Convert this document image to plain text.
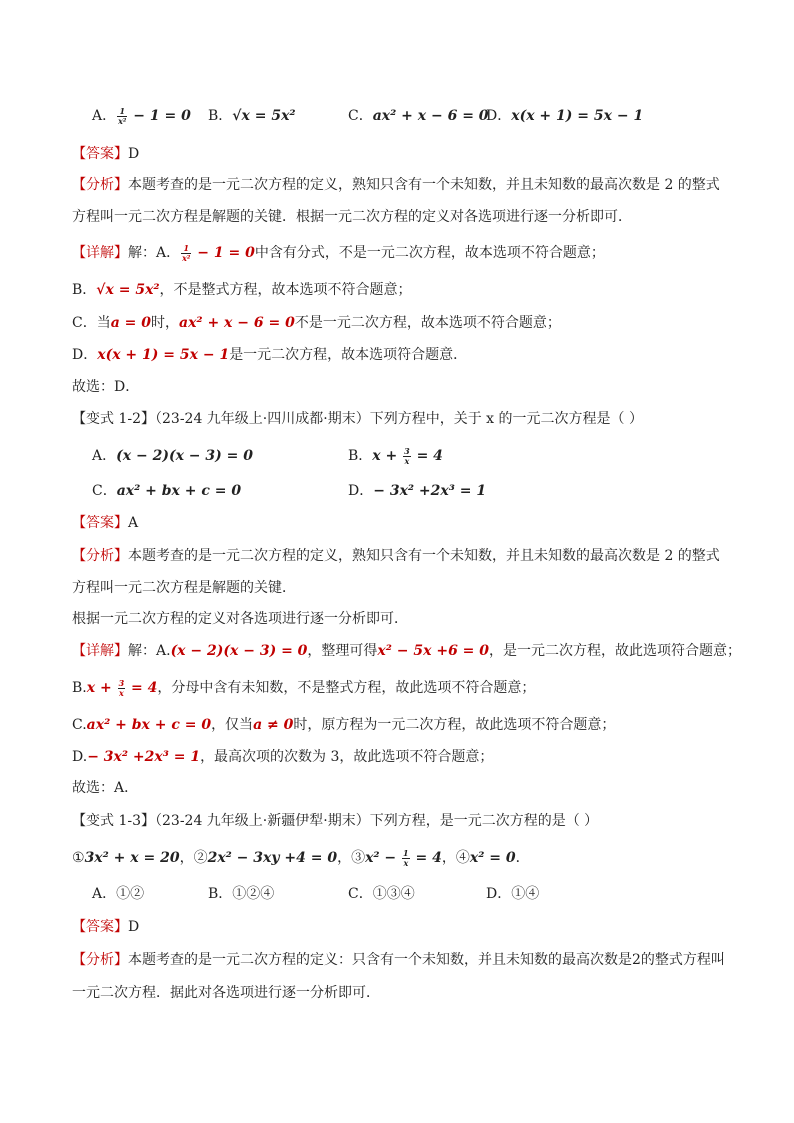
A． $\frac{1}{\text{x²}} - 1 = 0$ B．√x = 5x²	C．ax² + x − 6 = 0
D．x(x + 1) = 5x − 1
【答案】D
【分析】本题考查的是一元二次方程的定义，熟知只含有一个未知数，并且未知数的最高次数是 2 的整式
方程叫一元二次方程是解题的关键．根据一元二次方程的定义对各选项进行逐一分析即可．
【详解】解：A． $\frac{1}{\text{x²}} - 1 = 0$中含有分式，不是一元二次方程，故本选项不符合题意；
B．√x = 5x²，不是整式方程，故本选项不符合题意；
C．当a = 0时，ax² + x − 6 = 0不是一元二次方程，故本选项不符合题意；
D．x(x + 1) = 5x − 1是一元二次方程，故本选项符合题意．
故选：D．
【变式 1-2】（23-24 九年级上·四川成都·期末）下列方程中，关于 x 的一元二次方程是（ ）
A．(x − 2)(x − 3) = 0	B．$x + \frac{3}{x} = 4$
C．ax² + bx + c = 0	D．− 3x² +2x³ = 1
【答案】A
【分析】本题考查的是一元二次方程的定义，熟知只含有一个未知数，并且未知数的最高次数是 2 的整式
方程叫一元二次方程是解题的关键．
根据一元二次方程的定义对各选项进行逐一分析即可．
【详解】解：A.(x − 2)(x − 3) = 0，整理可得x² − 5x +6 = 0，是一元二次方程，故此选项符合题意；
$B.x + \frac{3}{x} = 4$，分母中含有未知数，不是整式方程，故此选项不符合题意；
C.ax² + bx + c = 0，仅当a ≠ 0时，原方程为一元二次方程，故此选项不符合题意；
D.− 3x² +2x³ = 1，最高次项的次数为 3，故此选项不符合题意；
故选：A．
【变式 1-3】（23-24 九年级上·新疆伊犁·期末）下列方程，是一元二次方程的是（ ）
①3x² + x = 20，②2x² − 3xy +4 = 0，③x² − $\frac{1}{x} = 4$，④x² = 0．
A．①②	B．①②④	C．①③④	D．①④
【答案】D
【分析】本题考查的是一元二次方程的定义：只含有一个未知数，并且未知数的最高次数是2的整式方程叫
一元二次方程．据此对各选项进行逐一分析即可．
